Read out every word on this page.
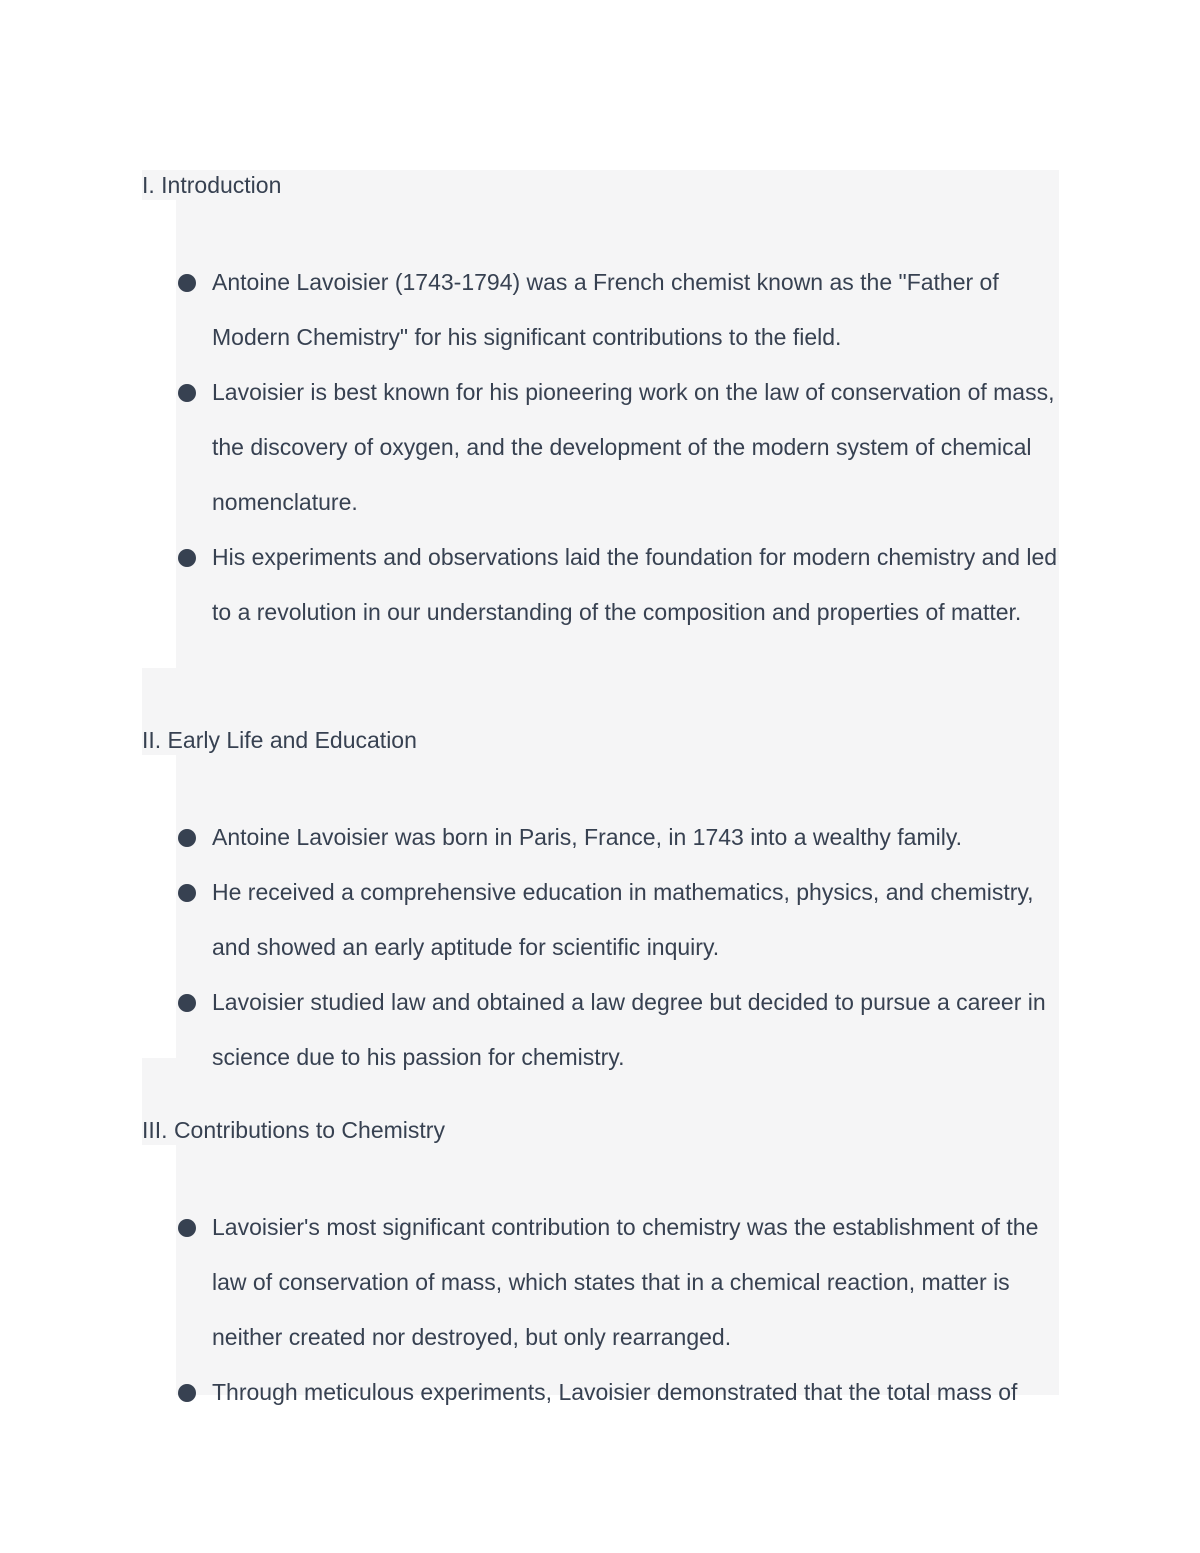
I. Introduction
Antoine Lavoisier (1743-1794) was a French chemist known as the "Father of Modern Chemistry" for his significant contributions to the field.
Lavoisier is best known for his pioneering work on the law of conservation of mass, the discovery of oxygen, and the development of the modern system of chemical nomenclature.
His experiments and observations laid the foundation for modern chemistry and led to a revolution in our understanding of the composition and properties of matter.
II. Early Life and Education
Antoine Lavoisier was born in Paris, France, in 1743 into a wealthy family.
He received a comprehensive education in mathematics, physics, and chemistry, and showed an early aptitude for scientific inquiry.
Lavoisier studied law and obtained a law degree but decided to pursue a career in science due to his passion for chemistry.
III. Contributions to Chemistry
Lavoisier's most significant contribution to chemistry was the establishment of the law of conservation of mass, which states that in a chemical reaction, matter is neither created nor destroyed, but only rearranged.
Through meticulous experiments, Lavoisier demonstrated that the total mass of
